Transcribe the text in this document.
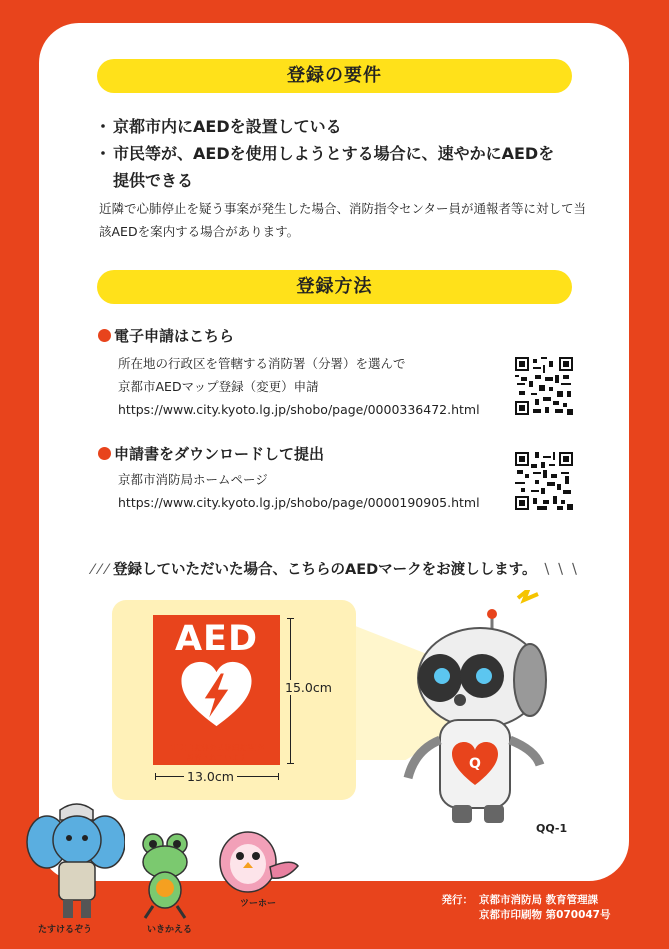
登録の要件
・ 京都市内にAEDを設置している
・ 市民等が、AEDを使用しようとする場合に、速やかにAEDを
提供できる
近隣で心肺停止を疑う事案が発生した場合、消防指令センター員が通報者等に対して当該AEDを案内する場合があります。
登録方法
電子申請はこちら
所在地の行政区を管轄する消防署（分署）を選んで
京都市AEDマップ登録（変更）申請
https://www.city.kyoto.lg.jp/shobo/page/0000336472.html
申請書をダウンロードして提出
京都市消防局ホームページ
https://www.city.kyoto.lg.jp/shobo/page/0000190905.html
⁄ ⁄ ⁄ 登録していただいた場合、こちらのAEDマークをお渡しします。 ∖ ∖ ∖
AED
AED(自動体外式除細動器)が
設置されています
15.0cm
13.0cm
Q
QQ-1
たすけるぞう	いきかえる
ツーホー	発行： 京都市消防局 教育管理課
京都市印刷物 第070047号
